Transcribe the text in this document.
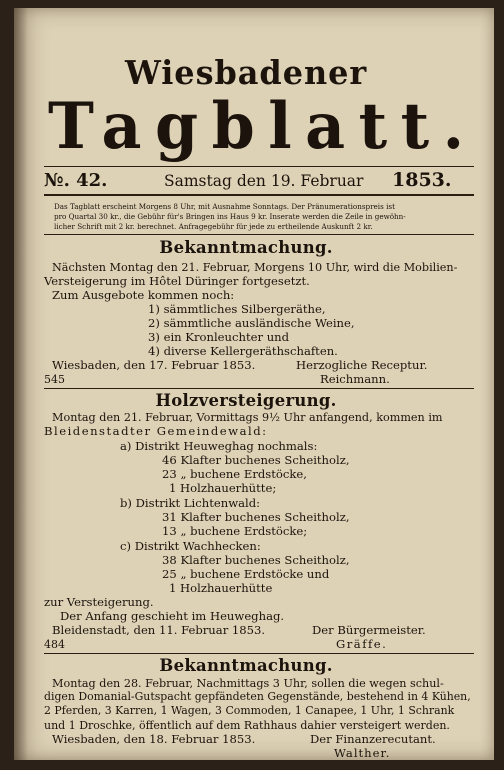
Wiesbadener
Tagblatt.
№. 42.	Samstag den 19. Februar 1853.
Das Tagblatt erscheint Morgens 8 Uhr, mit Ausnahme Sonntags. Der Pränumerationspreis ist
pro Quartal 30 kr., die Gebühr für's Bringen ins Haus 9 kr. Inserate werden die Zeile in gewöhn-
licher Schrift mit 2 kr. berechnet. Anfragegebühr für jede zu ertheilende Auskunft 2 kr.
Bekanntmachung.
Nächsten Montag den 21. Februar, Morgens 10 Uhr, wird die Mobilien-
Versteigerung im Hôtel Düringer fortgesetzt.
Zum Ausgebote kommen noch:
1) sämmtliches Silbergeräthe,
2) sämmtliche ausländische Weine,
3) ein Kronleuchter und
4) diverse Kellergeräthschaften.
Wiesbaden, den 17. Februar 1853.	Herzogliche Receptur.
545	Reichmann.
Holzversteigerung.
Montag den 21. Februar, Vormittags 9½ Uhr anfangend, kommen im
Bleidenstadter Gemeindewald:
a) Distrikt Heuweghag nochmals:
46 Klafter buchenes Scheitholz,
23 „ buchene Erdstöcke,
1 Holzhauerhütte;
b) Distrikt Lichtenwald:
31 Klafter buchenes Scheitholz,
13 „ buchene Erdstöcke;
c) Distrikt Wachhecken:
38 Klafter buchenes Scheitholz,
25 „ buchene Erdstöcke und
1 Holzhauerhütte
zur Versteigerung.
Der Anfang geschieht im Heuweghag.
Bleidenstadt, den 11. Februar 1853.	Der Bürgermeister.
484	Gräffe.
Bekanntmachung.
Montag den 28. Februar, Nachmittags 3 Uhr, sollen die wegen schul-
digen Domanial-Gutspacht gepfändeten Gegenstände, bestehend in 4 Kühen,
2 Pferden, 3 Karren, 1 Wagen, 3 Commoden, 1 Canapee, 1 Uhr, 1 Schrank
und 1 Droschke, öffentlich auf dem Rathhaus dahier versteigert werden.
Wiesbaden, den 18. Februar 1853.	Der Finanzerecutant.
Walther.
